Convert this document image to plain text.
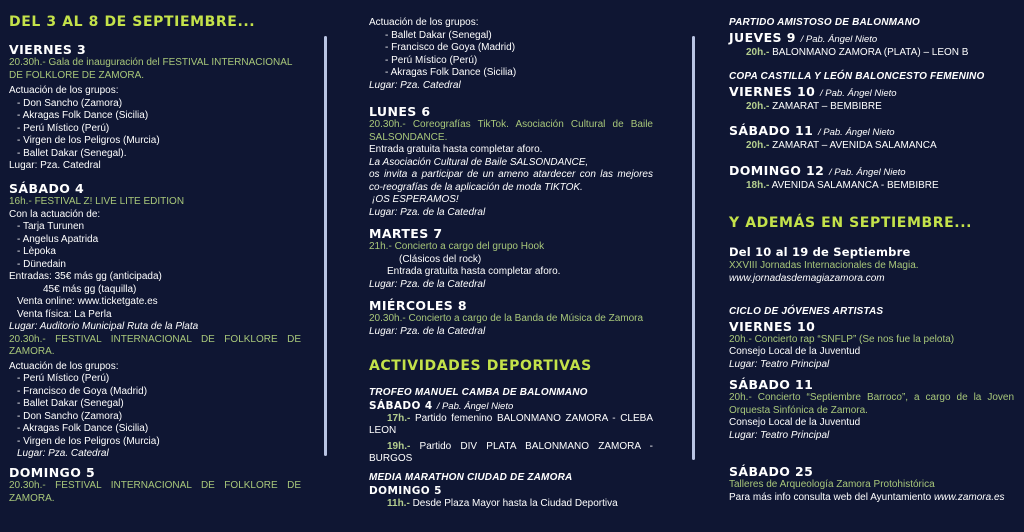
DEL 3 AL 8 DE SEPTIEMBRE...
VIERNES 3
20.30h.- Gala de inauguración del FESTIVAL INTERNACIONAL DE FOLKLORE DE ZAMORA.
Actuación de los grupos:
- Don Sancho (Zamora)
- Akragas Folk Dance (Sicilia)
- Perú Místico (Perú)
- Virgen de los Peligros (Murcia)
- Ballet Dakar (Senegal).
Lugar: Pza. Catedral
SÁBADO 4
16h.- FESTIVAL Z! LIVE LITE EDITION
Con la actuación de:
- Tarja Turunen
- Angelus Apatrida
- Lèpoka
- Dünedain
Entradas: 35€ más gg (anticipada)
45€ más gg (taquilla)
Venta online: www.ticketgate.es
Venta física: La Perla
Lugar: Auditorio Municipal Ruta de la Plata
20.30h.- FESTIVAL INTERNACIONAL DE FOLKLORE DE ZAMORA.
Actuación de los grupos:
- Perú Místico (Perú)
- Francisco de Goya (Madrid)
- Ballet Dakar (Senegal)
- Don Sancho (Zamora)
- Akragas Folk Dance (Sicilia)
- Virgen de los Peligros (Murcia)
Lugar: Pza. Catedral
DOMINGO 5
20.30h.- FESTIVAL INTERNACIONAL DE FOLKLORE DE ZAMORA.
Actuación de los grupos:
- Ballet Dakar (Senegal)
- Francisco de Goya (Madrid)
- Perú Místico (Perú)
- Akragas Folk Dance (Sicilia)
Lugar: Pza. Catedral
LUNES 6
20.30h.- Coreografías TikTok. Asociación Cultural de Baile SALSONDANCE.
Entrada gratuita hasta completar aforo.
La Asociación Cultural de Baile SALSONDANCE,
os invita a participar de un ameno atardecer con las mejores co-reografías de la aplicación de moda TIKTOK.
¡OS ESPERAMOS!
Lugar: Pza. de la Catedral
MARTES 7
21h.- Concierto a cargo del grupo Hook
(Clásicos del rock)
Entrada gratuita hasta completar aforo.
Lugar: Pza. de la Catedral
MIÉRCOLES 8
20.30h.- Concierto a cargo de la Banda de Música de Zamora
Lugar: Pza. de la Catedral
ACTIVIDADES DEPORTIVAS
TROFEO MANUEL CAMBA DE BALONMANO
SÁBADO 4 / Pab. Ángel Nieto
17h.- Partido femenino BALONMANO ZAMORA - CLEBA LEON
19h.- Partido DIV PLATA BALONMANO ZAMORA - BURGOS
MEDIA MARATHON CIUDAD DE ZAMORA
DOMINGO 5
11h.- Desde Plaza Mayor hasta la Ciudad Deportiva
PARTIDO AMISTOSO DE BALONMANO
JUEVES 9 / Pab. Ángel Nieto
20h.- BALONMANO ZAMORA (PLATA) – LEON B
COPA CASTILLA Y LEÓN BALONCESTO FEMENINO
VIERNES 10 / Pab. Ángel Nieto
20h.- ZAMARAT – BEMBIBRE
SÁBADO 11 / Pab. Ángel Nieto
20h.- ZAMARAT – AVENIDA SALAMANCA
DOMINGO 12 / Pab. Ángel Nieto
18h.- AVENIDA SALAMANCA - BEMBIBRE
Y ADEMÁS EN SEPTIEMBRE...
Del 10 al 19 de Septiembre
XXVIII Jornadas Internacionales de Magia.
www.jornadasdemagiazamora.com
CICLO DE JÓVENES ARTISTAS
VIERNES 10
20h.- Concierto rap “SNFLP” (Se nos fue la pelota)
Consejo Local de la Juventud
Lugar: Teatro Principal
SÁBADO 11
20h.- Concierto “Septiembre Barroco”, a cargo de la Joven Orquesta Sinfónica de Zamora.
Consejo Local de la Juventud
Lugar: Teatro Principal
SÁBADO 25
Talleres de Arqueología Zamora Protohistórica
Para más info consulta web del Ayuntamiento www.zamora.es
